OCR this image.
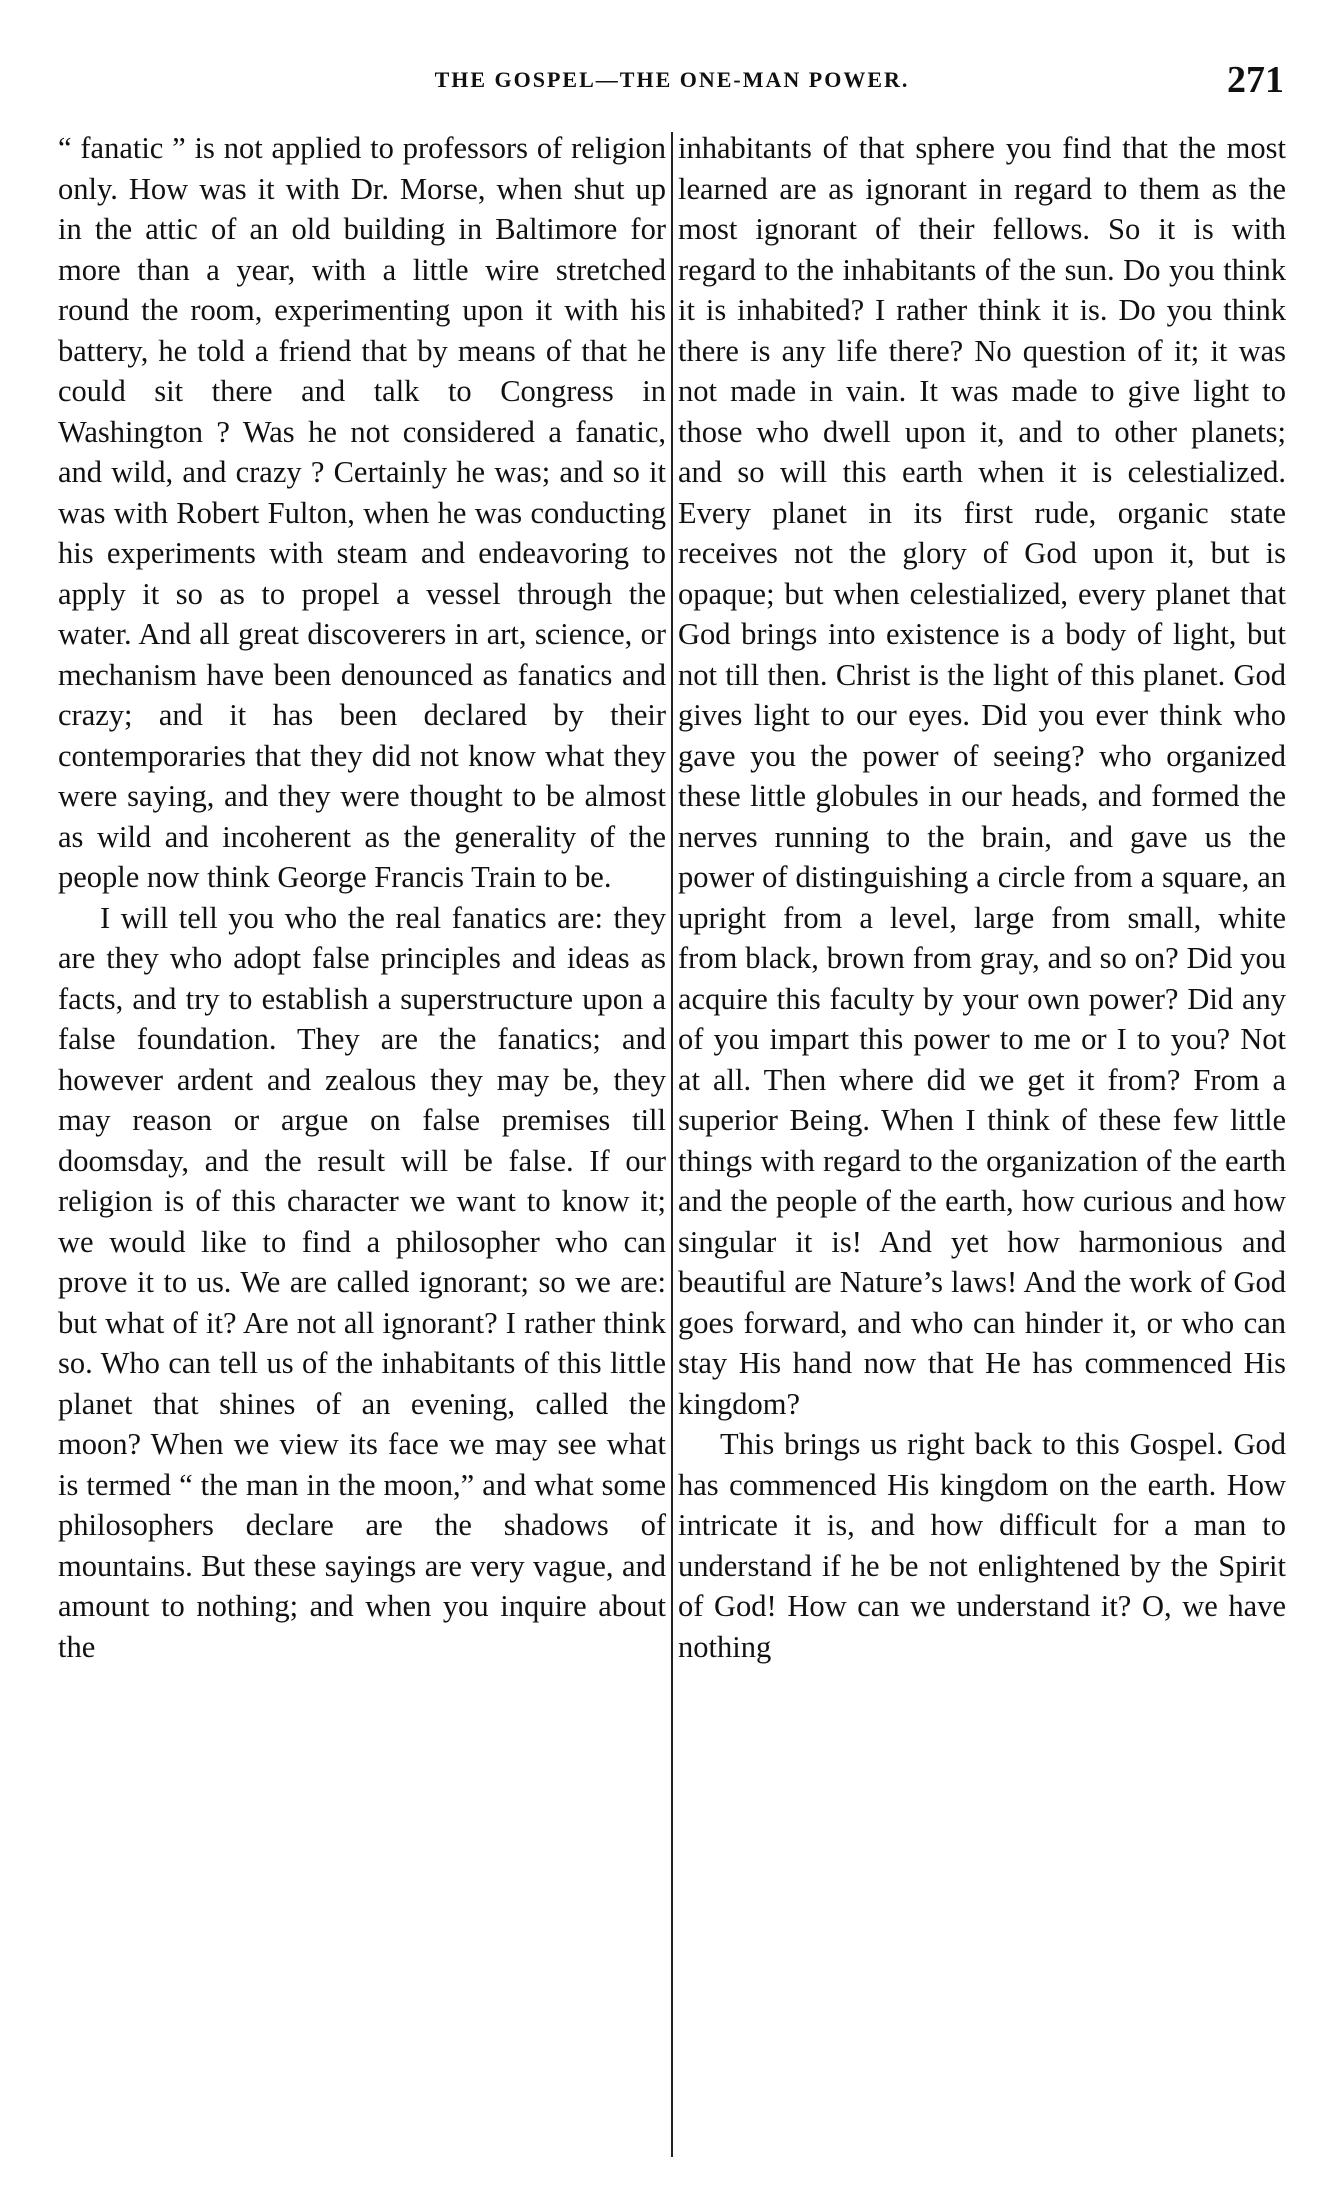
THE GOSPEL—THE ONE-MAN POWER.	271

“ fanatic ” is not applied to professors of religion only. How was it with Dr. Morse, when shut up in the attic of an old building in Baltimore for more than a year, with a little wire stretched round the room, experimenting upon it with his battery, he told a friend that by means of that he could sit there and talk to Congress in Washington ? Was he not considered a fanatic, and wild, and crazy ? Certainly he was; and so it was with Robert Fulton, when he was conducting his experiments with steam and endeavoring to apply it so as to propel a vessel through the water. And all great discoverers in art, science, or mechanism have been denounced as fanatics and crazy; and it has been declared by their contemporaries that they did not know what they were saying, and they were thought to be almost as wild and incoherent as the generality of the people now think George Francis Train to be.

I will tell you who the real fanatics are: they are they who adopt false principles and ideas as facts, and try to establish a superstructure upon a false foundation. They are the fanatics; and however ardent and zealous they may be, they may reason or argue on false premises till doomsday, and the result will be false. If our religion is of this character we want to know it; we would like to find a philosopher who can prove it to us. We are called ignorant; so we are: but what of it? Are not all ignorant? I rather think so. Who can tell us of the inhabitants of this little planet that shines of an evening, called the moon? When we view its face we may see what is termed “ the man in the moon,” and what some philosophers declare are the shadows of mountains. But these sayings are very vague, and amount to nothing; and when you inquire about the

inhabitants of that sphere you find that the most learned are as ignorant in regard to them as the most ignorant of their fellows. So it is with regard to the inhabitants of the sun. Do you think it is inhabited? I rather think it is. Do you think there is any life there? No question of it; it was not made in vain. It was made to give light to those who dwell upon it, and to other planets; and so will this earth when it is celestialized. Every planet in its first rude, organic state receives not the glory of God upon it, but is opaque; but when celestialized, every planet that God brings into existence is a body of light, but not till then. Christ is the light of this planet. God gives light to our eyes. Did you ever think who gave you the power of seeing? who organized these little globules in our heads, and formed the nerves running to the brain, and gave us the power of distinguishing a circle from a square, an upright from a level, large from small, white from black, brown from gray, and so on? Did you acquire this faculty by your own power? Did any of you impart this power to me or I to you? Not at all. Then where did we get it from? From a superior Being. When I think of these few little things with regard to the organization of the earth and the people of the earth, how curious and how singular it is! And yet how harmonious and beautiful are Nature’s laws! And the work of God goes forward, and who can hinder it, or who can stay His hand now that He has commenced His kingdom?

This brings us right back to this Gospel. God has commenced His kingdom on the earth. How intricate it is, and how difficult for a man to understand if he be not enlightened by the Spirit of God! How can we understand it? O, we have nothing
